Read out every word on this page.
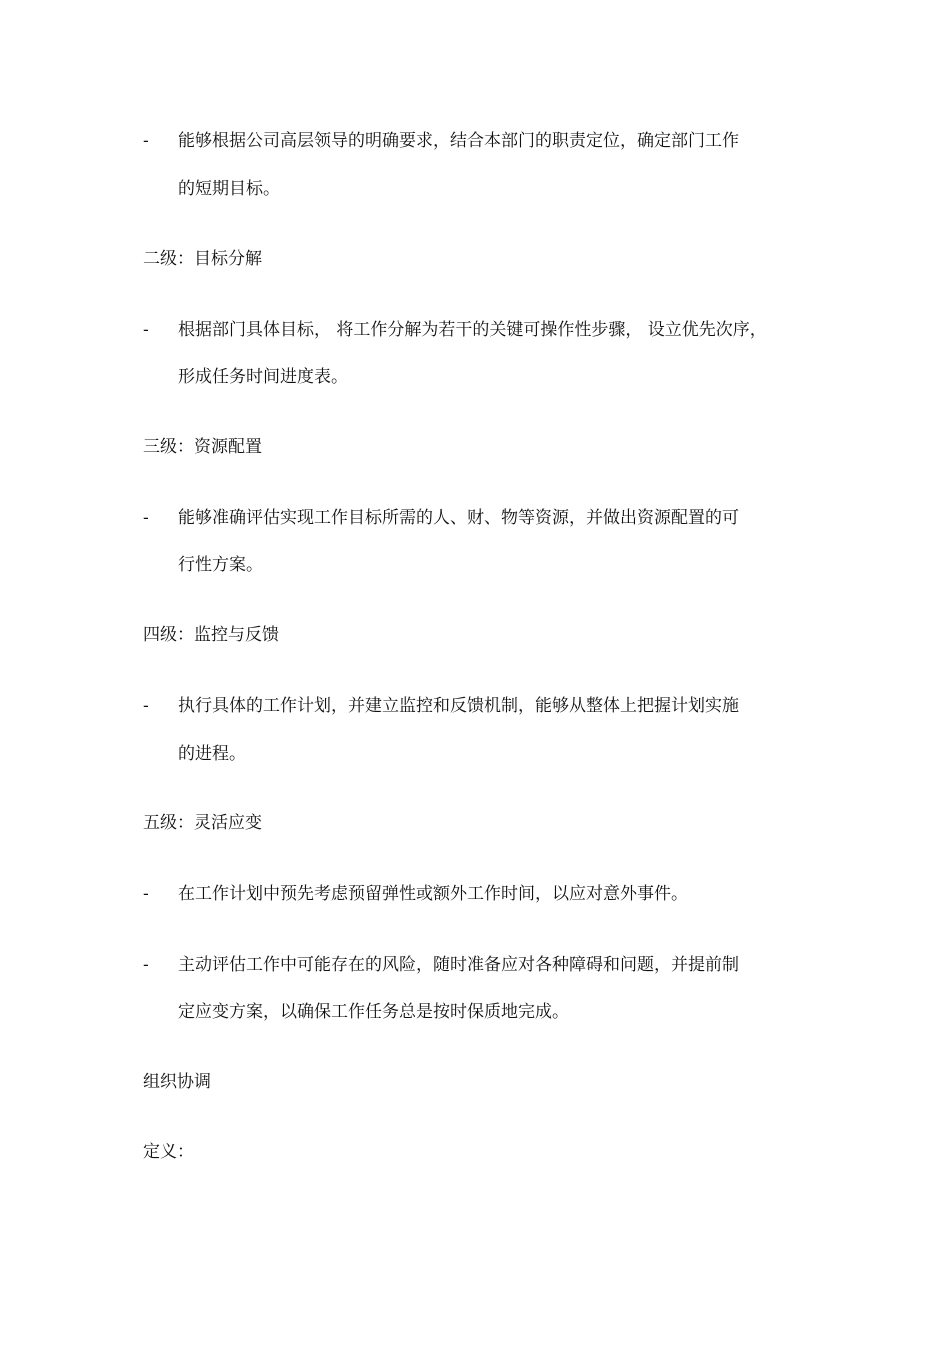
- 能够根据公司高层领导的明确要求，结合本部门的职责定位，确定部门工作
的短期目标。
二级：目标分解
- 根据部门具体目标， 将工作分解为若干的关键可操作性步骤， 设立优先次序，
形成任务时间进度表。
三级：资源配置
- 能够准确评估实现工作目标所需的人、财、物等资源，并做出资源配置的可
行性方案。
四级：监控与反馈
- 执行具体的工作计划，并建立监控和反馈机制，能够从整体上把握计划实施
的进程。
五级：灵活应变
- 在工作计划中预先考虑预留弹性或额外工作时间，以应对意外事件。
- 主动评估工作中可能存在的风险，随时准备应对各种障碍和问题，并提前制
定应变方案，以确保工作任务总是按时保质地完成。
组织协调
定义：
